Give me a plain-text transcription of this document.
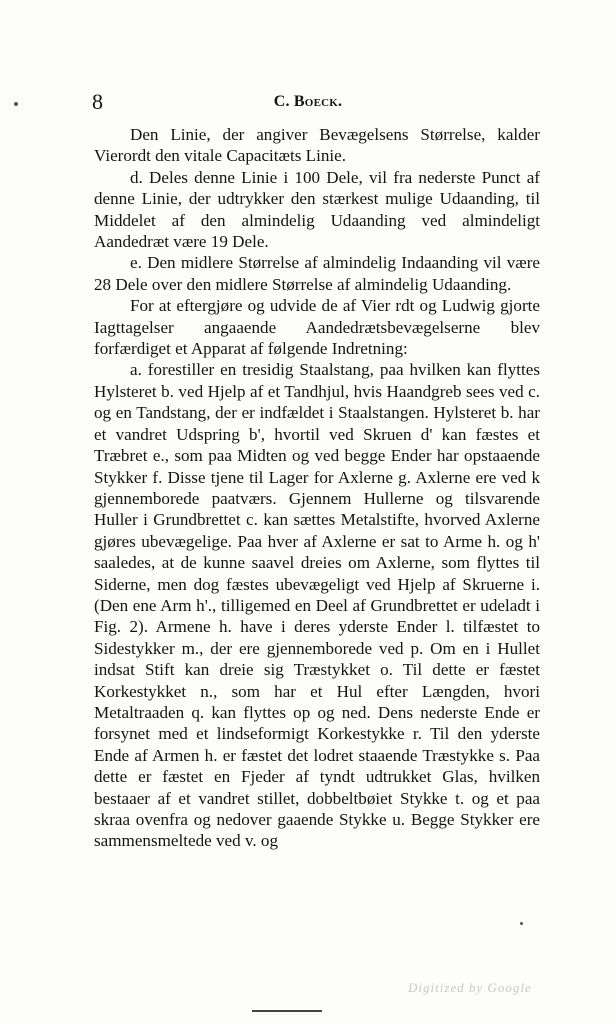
8	C. Boeck.

Den Linie, der angiver Bevægelsens Størrelse, kalder Vierordt den vitale Capacitæts Linie.

d. Deles denne Linie i 100 Dele, vil fra nederste Punct af denne Linie, der udtrykker den stærkest mulige Udaanding, til Middelet af den almindelig Udaanding ved almindeligt Aandedræt være 19 Dele.

e. Den midlere Størrelse af almindelig Indaanding vil være 28 Dele over den midlere Størrelse af almindelig Udaanding.

For at eftergjøre og udvide de af Vier rdt og Ludwig gjorte Iagttagelser angaaende Aandedrætsbevægelserne blev forfærdiget et Apparat af følgende Indretning:

a. forestiller en tresidig Staalstang, paa hvilken kan flyttes Hylsteret b. ved Hjelp af et Tandhjul, hvis Haandgreb sees ved c. og en Tandstang, der er indfældet i Staalstangen. Hylsteret b. har et vandret Udspring b', hvortil ved Skruen d' kan fæstes et Træbret e., som paa Midten og ved begge Ender har opstaaende Stykker f. Disse tjene til Lager for Axlerne g. Axlerne ere ved k gjennemborede paatværs. Gjennem Hullerne og tilsvarende Huller i Grundbrettet c. kan sættes Metalstifte, hvorved Axlerne gjøres ubevægelige. Paa hver af Axlerne er sat to Arme h. og h' saaledes, at de kunne saavel dreies om Axlerne, som flyttes til Siderne, men dog fæstes ubevægeligt ved Hjelp af Skruerne i. (Den ene Arm h'., tilligemed en Deel af Grundbrettet er udeladt i Fig. 2). Armene h. have i deres yderste Ender l. tilfæstet to Sidestykker m., der ere gjennemborede ved p. Om en i Hullet indsat Stift kan dreie sig Træstykket o. Til dette er fæstet Korkestykket n., som har et Hul efter Længden, hvori Metaltraaden q. kan flyttes op og ned. Dens nederste Ende er forsynet med et lindseformigt Korkestykke r. Til den yderste Ende af Armen h. er fæstet det lodret staaende Træstykke s. Paa dette er fæstet en Fjeder af tyndt udtrukket Glas, hvilken bestaaer af et vandret stillet, dobbeltbøiet Stykke t. og et paa skraa ovenfra og nedover gaaende Stykke u. Begge Stykker ere sammensmeltede ved v. og

Digitized by Google
